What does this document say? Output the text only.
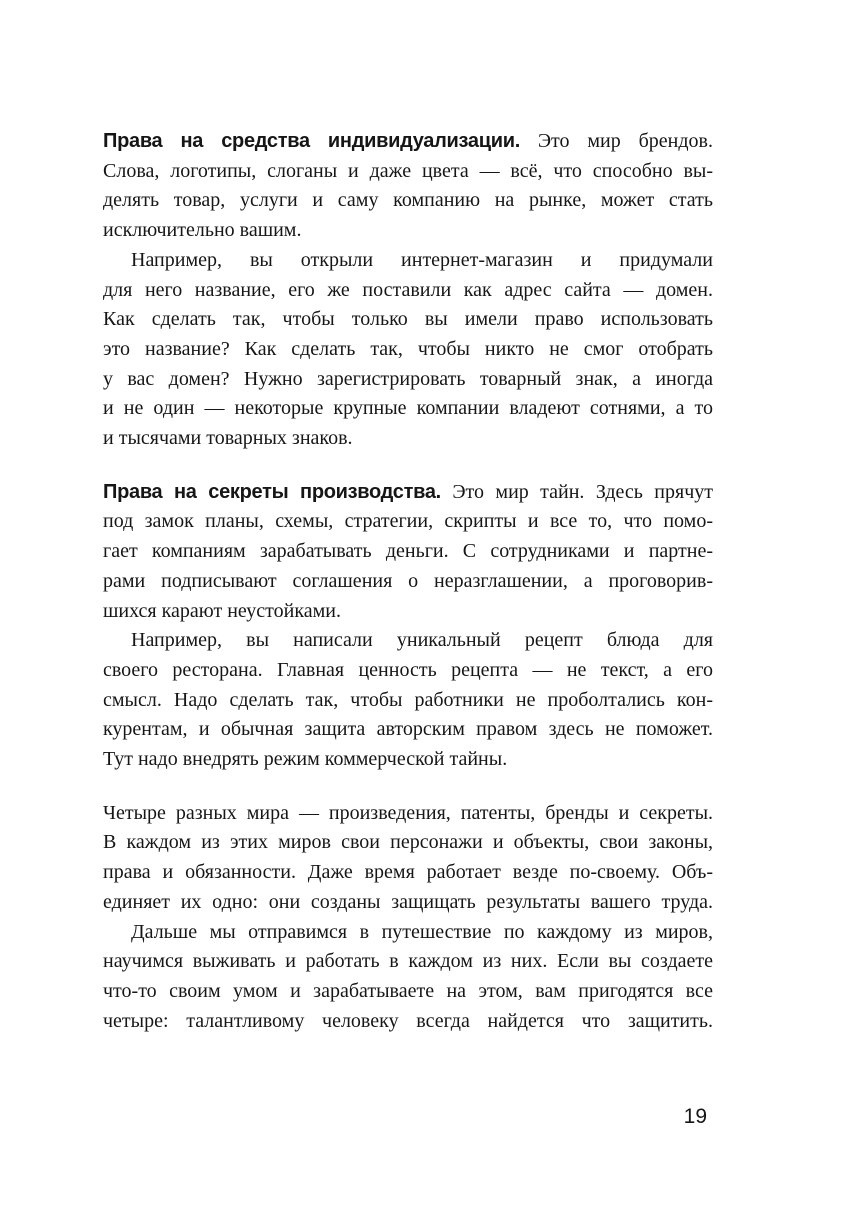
Права на средства индивидуализации. Это мир брендов.
Слова, логотипы, слоганы и даже цвета — всё, что способно вы-
делять товар, услуги и саму компанию на рынке, может стать
исключительно вашим.
Например, вы открыли интернет-магазин и придумали
для него название, его же поставили как адрес сайта — домен.
Как сделать так, чтобы только вы имели право использовать
это название? Как сделать так, чтобы никто не смог отобрать
у вас домен? Нужно зарегистрировать товарный знак, а иногда
и не один — некоторые крупные компании владеют сотнями, а то
и тысячами товарных знаков.
Права на секреты производства. Это мир тайн. Здесь прячут
под замок планы, схемы, стратегии, скрипты и все то, что помо-
гает компаниям зарабатывать деньги. С сотрудниками и партне-
рами подписывают соглашения о неразглашении, а проговорив-
шихся карают неустойками.
Например, вы написали уникальный рецепт блюда для
своего ресторана. Главная ценность рецепта — не текст, а его
смысл. Надо сделать так, чтобы работники не проболтались кон-
курентам, и обычная защита авторским правом здесь не поможет.
Тут надо внедрять режим коммерческой тайны.
Четыре разных мира — произведения, патенты, бренды и секреты.
В каждом из этих миров свои персонажи и объекты, свои законы,
права и обязанности. Даже время работает везде по-своему. Объ-
единяет их одно: они созданы защищать результаты вашего труда.
Дальше мы отправимся в путешествие по каждому из миров,
научимся выживать и работать в каждом из них. Если вы создаете
что-то своим умом и зарабатываете на этом, вам пригодятся все
четыре: талантливому человеку всегда найдется что защитить.
19
